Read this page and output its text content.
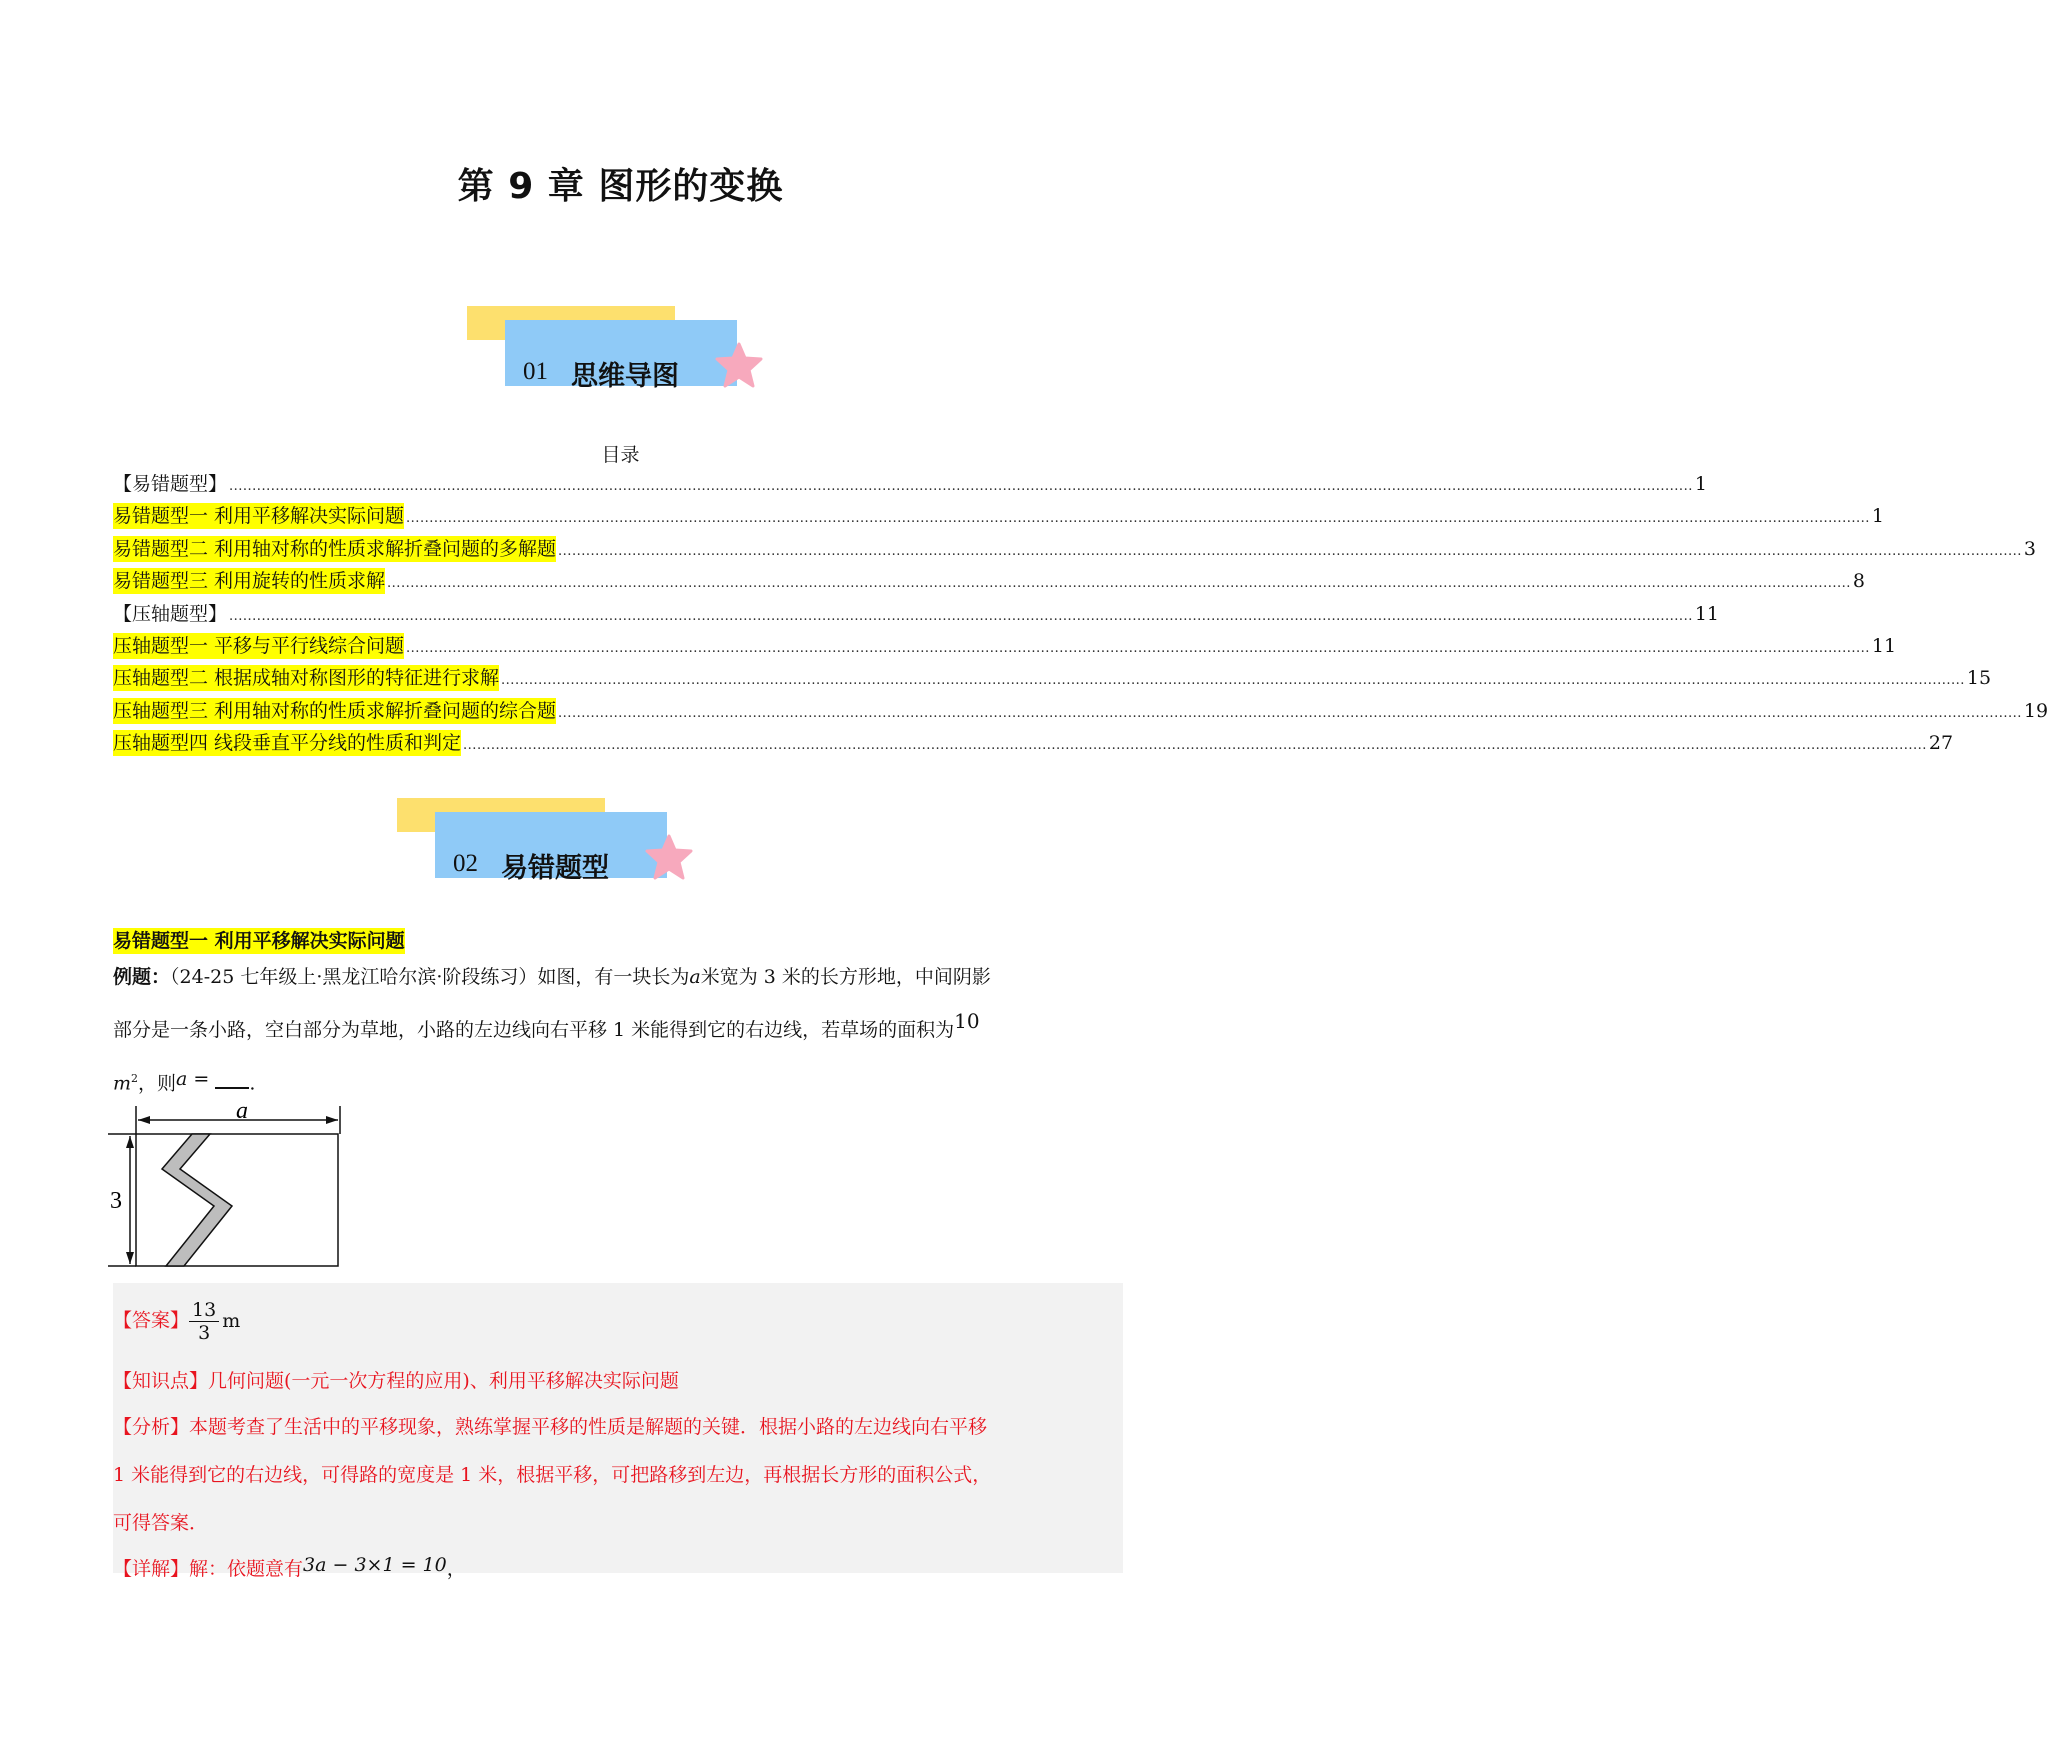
第 9 章 图形的变换
01 思维导图
目录
【易错题型】 ............................................................................................................................................................................................................................................................................................................................ 1
易错题型一 利用平移解决实际问题 ............................................................................................................................................................................................................................................................................................................................ 1
易错题型二 利用轴对称的性质求解折叠问题的多解题 ............................................................................................................................................................................................................................................................................................................................ 3
易错题型三 利用旋转的性质求解 ............................................................................................................................................................................................................................................................................................................................ 8
【压轴题型】 ............................................................................................................................................................................................................................................................................................................................ 11
压轴题型一 平移与平行线综合问题 ............................................................................................................................................................................................................................................................................................................................ 11
压轴题型二 根据成轴对称图形的特征进行求解 ............................................................................................................................................................................................................................................................................................................................ 15
压轴题型三 利用轴对称的性质求解折叠问题的综合题 ............................................................................................................................................................................................................................................................................................................................ 19
压轴题型四 线段垂直平分线的性质和判定 ............................................................................................................................................................................................................................................................................................................................ 27
02 易错题型
易错题型一 利用平移解决实际问题
例题：（24-25 七年级上·黑龙江哈尔滨·阶段练习）如图，有一块长为a米宽为 3 米的长方形地，中间阴影
部分是一条小路，空白部分为草地，小路的左边线向右平移 1 米能得到它的右边线，若草场的面积为10
$m^2$，则a = .
a
3
【答案】 $\frac{13}{3}$ m
【知识点】几何问题(一元一次方程的应用)、利用平移解决实际问题
【分析】本题考查了生活中的平移现象，熟练掌握平移的性质是解题的关键．根据小路的左边线向右平移
1 米能得到它的右边线，可得路的宽度是 1 米，根据平移，可把路移到左边，再根据长方形的面积公式，
可得答案．
【详解】解：依题意有3a − 3×1 = 10，
